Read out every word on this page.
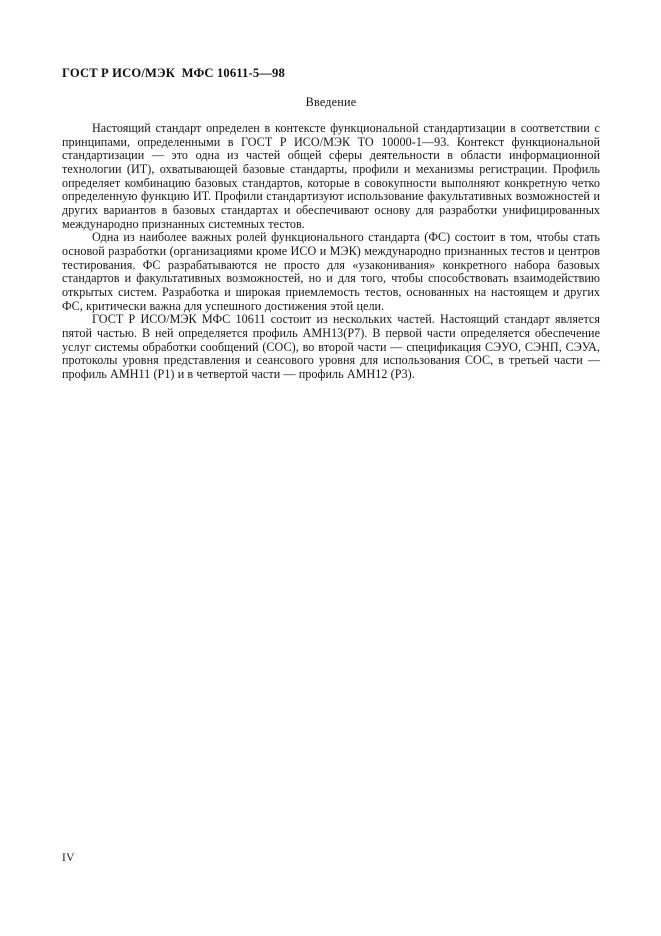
ГОСТ Р ИСО/МЭК  МФС 10611-5—98
Введение

Настоящий стандарт определен в контексте функциональной стандартизации в соответствии с принципами, определенными в ГОСТ Р ИСО/МЭК ТО 10000-1—93. Контекст функциональной стандартизации — это одна из частей общей сферы деятельности в области информационной технологии (ИТ), охватывающей базовые стандарты, профили и механизмы регистрации. Профиль определяет комбинацию базовых стандартов, которые в совокупности выполняют конкретную четко определенную функцию ИТ. Профили стандартизуют использование факультативных возможностей и других вариантов в базовых стандартах и обеспечивают основу для разработки унифицированных международно признанных системных тестов.

Одна из наиболее важных ролей функционального стандарта (ФС) состоит в том, чтобы стать основой разработки (организациями кроме ИСО и МЭК) международно признанных тестов и центров тестирования. ФС разрабатываются не просто для «узаконивания» конкретного набора базовых стандартов и факультативных возможностей, но и для того, чтобы способствовать взаимодействию открытых систем. Разработка и широкая приемлемость тестов, основанных на настоящем и других ФС, критически важна для успешного достижения этой цели.

ГОСТ Р ИСО/МЭК МФС 10611 состоит из нескольких частей. Настоящий стандарт является пятой частью. В ней определяется профиль АМН13(Р7). В первой части определяется обеспечение услуг системы обработки сообщений (СОС), во второй части — спецификация СЭУО, СЭНП, СЭУА, протоколы уровня представления и сеансового уровня для использования СОС, в третьей части — профиль АМН11 (Р1) и в четвертой части — профиль АМН12 (Р3).

IV
